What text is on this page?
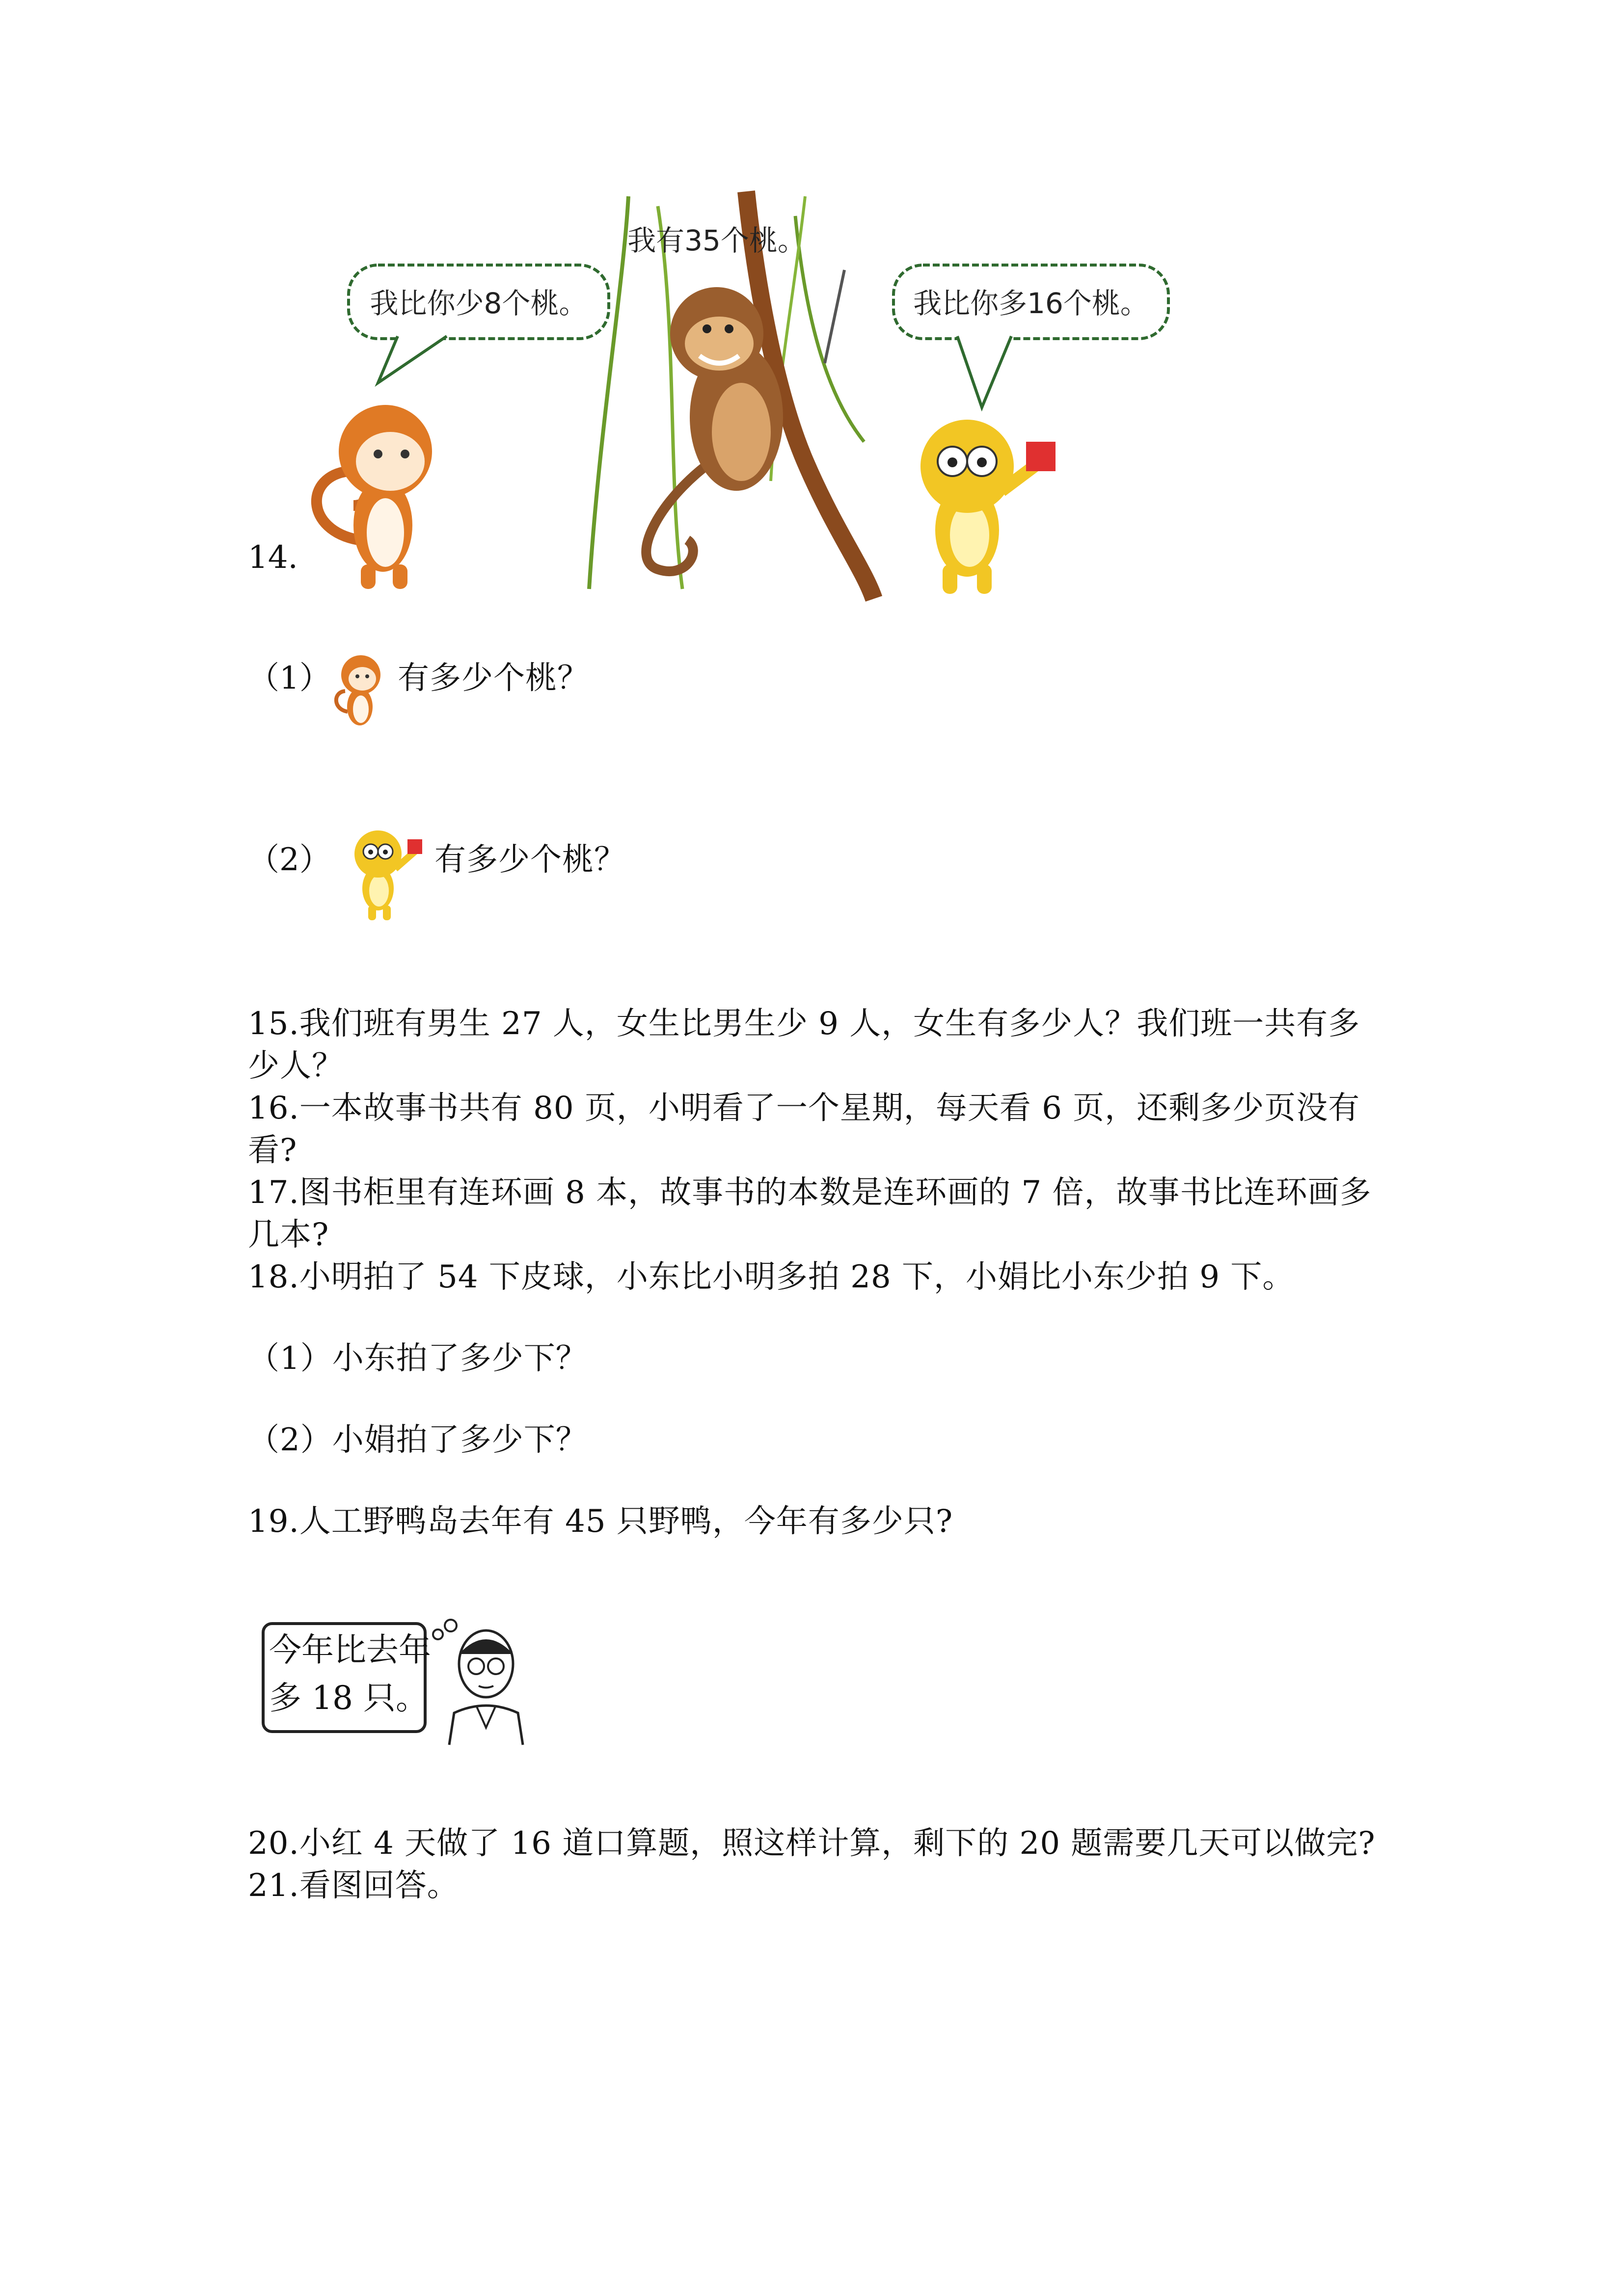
我比你少8个桃。
我有35个桃。
我比你多16个桃。
14.
（1） 有多少个桃？
（2）	有多少个桃？
15.我们班有男生 27 人，女生比男生少 9 人，女生有多少人？我们班一共有多
少人？
16.一本故事书共有 80 页，小明看了一个星期，每天看 6 页，还剩多少页没有
看?
17.图书柜里有连环画 8 本，故事书的本数是连环画的 7 倍，故事书比连环画多
几本?
18.小明拍了 54 下皮球，小东比小明多拍 28 下，小娟比小东少拍 9 下。
（1）小东拍了多少下？
（2）小娟拍了多少下？
19.人工野鸭岛去年有 45 只野鸭，今年有多少只?
今年比去年
多 18 只。
20.小红 4 天做了 16 道口算题，照这样计算，剩下的 20 题需要几天可以做完?
21.看图回答。
